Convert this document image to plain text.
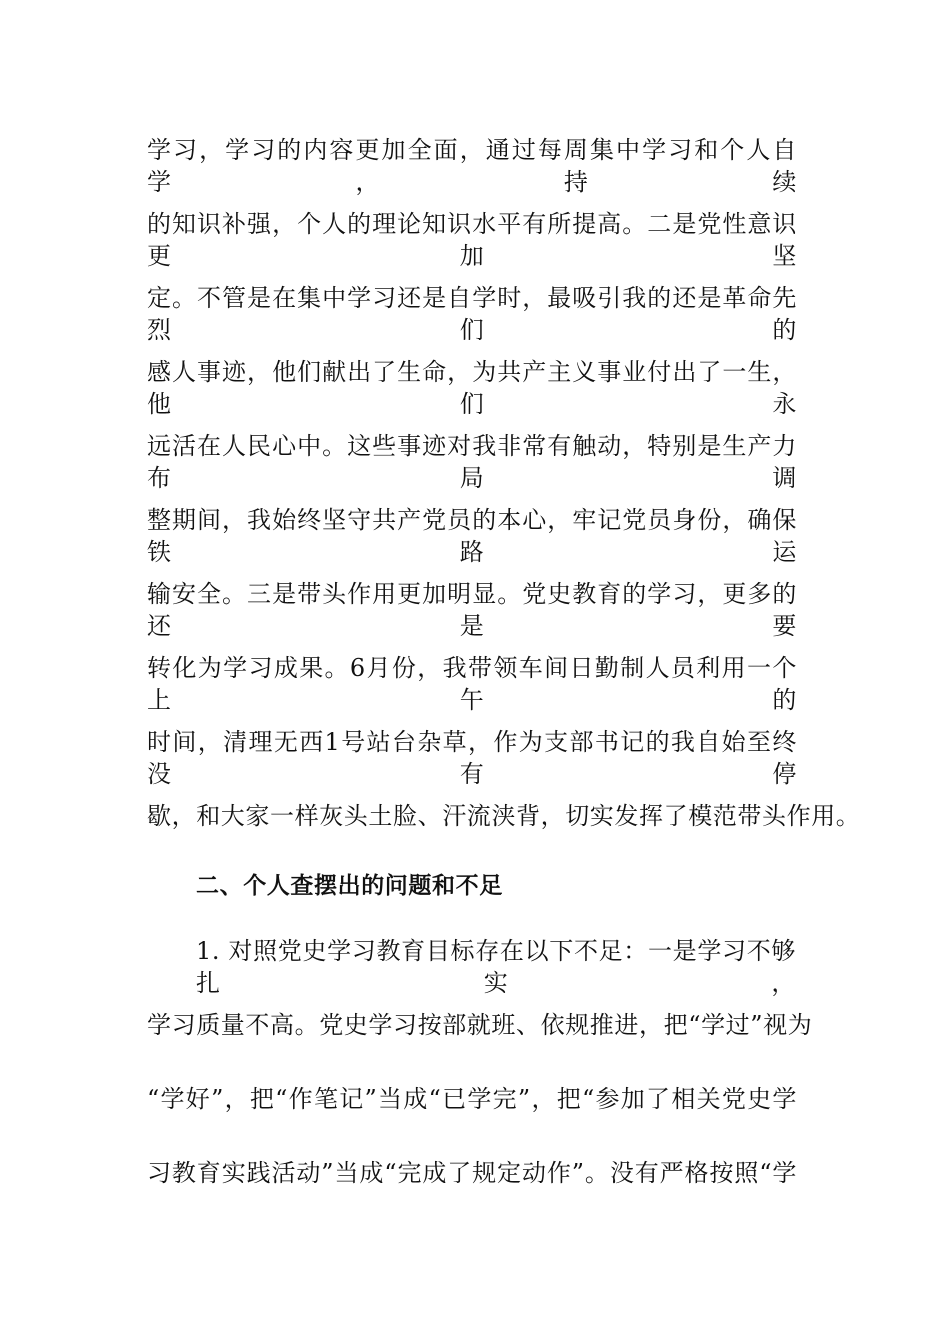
学习，学习的内容更加全面，通过每周集中学习和个人自学，持续
的知识补强，个人的理论知识水平有所提高。二是党性意识更加坚
定。不管是在集中学习还是自学时，最吸引我的还是革命先烈们的
感人事迹，他们献出了生命，为共产主义事业付出了一生，他们永
远活在人民心中。这些事迹对我非常有触动，特别是生产力布局调
整期间，我始终坚守共产党员的本心，牢记党员身份，确保铁路运
输安全。三是带头作用更加明显。党史教育的学习，更多的还是要
转化为学习成果。6月份，我带领车间日勤制人员利用一个上午的
时间，清理无西1号站台杂草，作为支部书记的我自始至终没有停
歇，和大家一样灰头土脸、汗流浃背，切实发挥了模范带头作用。
二、个人查摆出的问题和不足
1. 对照党史学习教育目标存在以下不足：一是学习不够扎实，
学习质量不高。党史学习按部就班、依规推进，把“学过”视为
“学好”，把“作笔记”当成“已学完”，把“参加了相关党史学
习教育实践活动”当成“完成了规定动作”。没有严格按照“学
